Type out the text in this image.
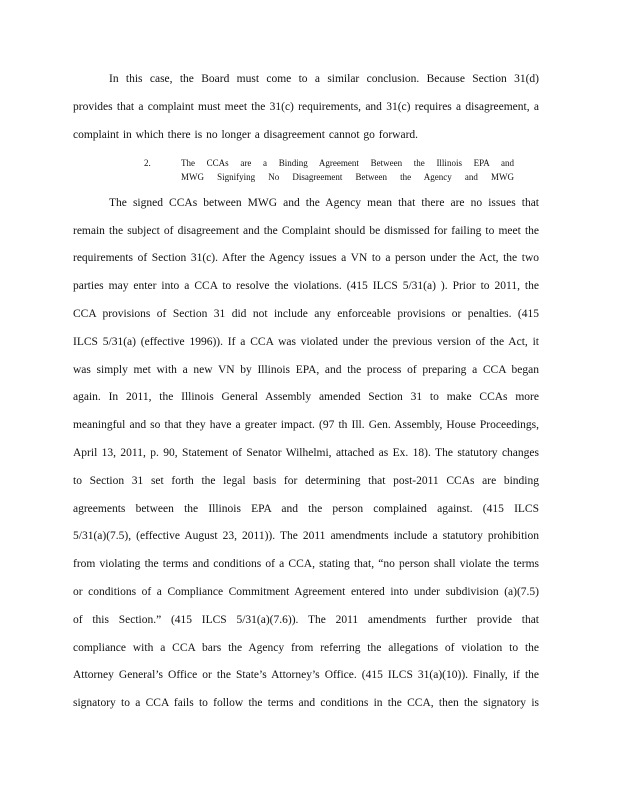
In this case, the Board must come to a similar conclusion. Because Section 31(d)
provides that a complaint must meet the 31(c) requirements, and 31(c) requires a disagreement, a
complaint in which there is no longer a disagreement cannot go forward.
2.	The CCAs are a Binding Agreement Between the Illinois EPA and
MWG Signifying No Disagreement Between the Agency and MWG
The signed CCAs between MWG and the Agency mean that there are no issues that
remain the subject of disagreement and the Complaint should be dismissed for failing to meet the
requirements of Section 31(c). After the Agency issues a VN to a person under the Act, the two
parties may enter into a CCA to resolve the violations. (415 ILCS 5/31(a) ). Prior to 2011, the
CCA provisions of Section 31 did not include any enforceable provisions or penalties. (415
ILCS 5/31(a) (effective 1996)). If a CCA was violated under the previous version of the Act, it
was simply met with a new VN by Illinois EPA, and the process of preparing a CCA began
again. In 2011, the Illinois General Assembly amended Section 31 to make CCAs more
meaningful and so that they have a greater impact. (97 th Ill. Gen. Assembly, House Proceedings,
April 13, 2011, p. 90, Statement of Senator Wilhelmi, attached as Ex. 18). The statutory changes
to Section 31 set forth the legal basis for determining that post-2011 CCAs are binding
agreements between the Illinois EPA and the person complained against. (415 ILCS
5/31(a)(7.5), (effective August 23, 2011)). The 2011 amendments include a statutory prohibition
from violating the terms and conditions of a CCA, stating that, “no person shall violate the terms
or conditions of a Compliance Commitment Agreement entered into under subdivision (a)(7.5)
of this Section.” (415 ILCS 5/31(a)(7.6)). The 2011 amendments further provide that
compliance with a CCA bars the Agency from referring the allegations of violation to the
Attorney General’s Office or the State’s Attorney’s Office. (415 ILCS 31(a)(10)). Finally, if the
signatory to a CCA fails to follow the terms and conditions in the CCA, then the signatory is
